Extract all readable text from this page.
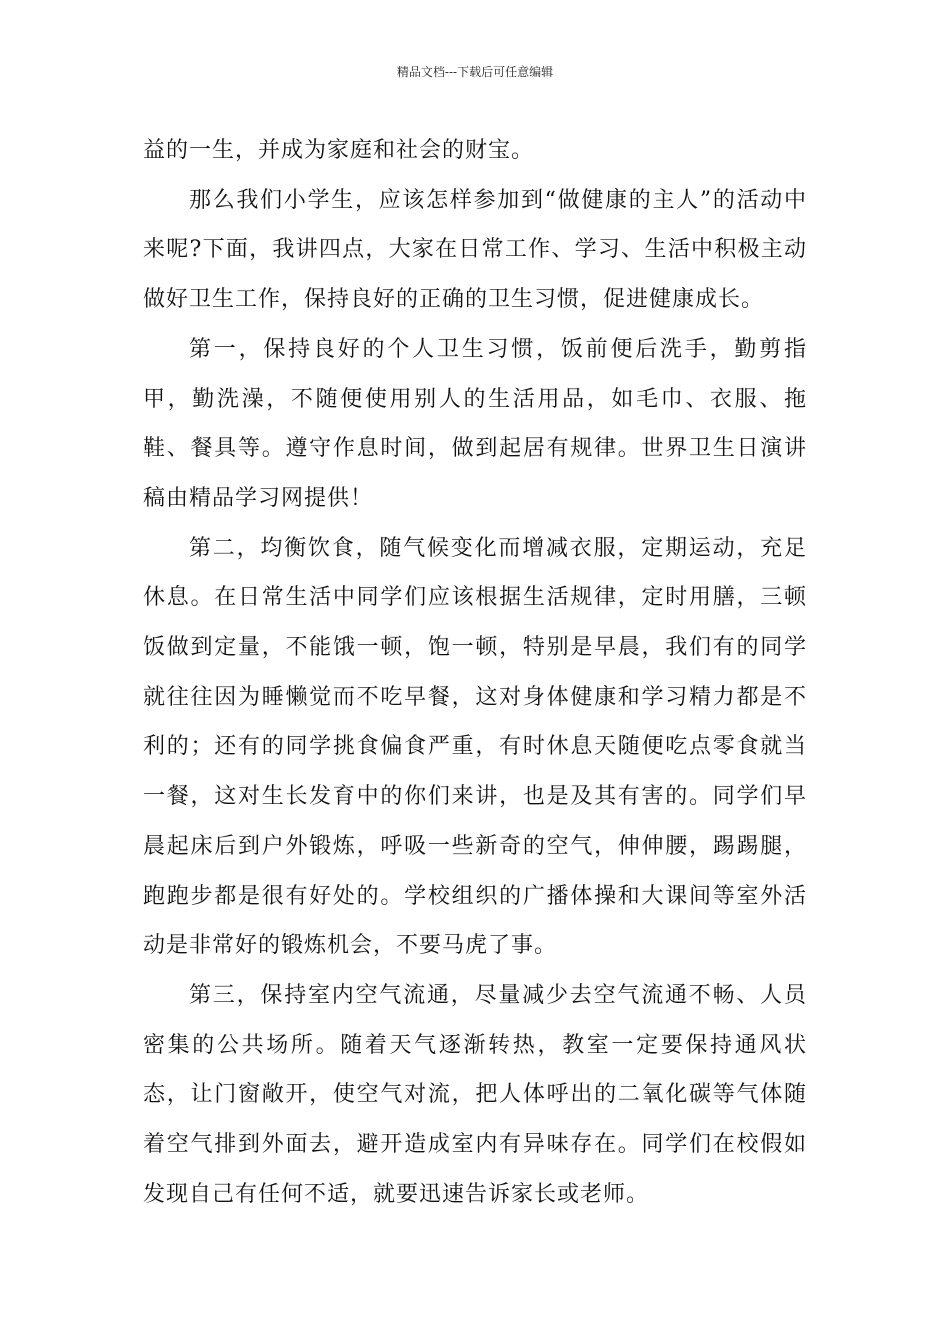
精品文档---下载后可任意编辑

益的一生，并成为家庭和社会的财宝。

那么我们小学生，应该怎样参加到“做健康的主人”的活动中来呢?下面，我讲四点，大家在日常工作、学习、生活中积极主动做好卫生工作，保持良好的正确的卫生习惯，促进健康成长。

第一，保持良好的个人卫生习惯，饭前便后洗手，勤剪指甲，勤洗澡，不随便使用别人的生活用品，如毛巾、衣服、拖鞋、餐具等。遵守作息时间，做到起居有规律。世界卫生日演讲稿由精品学习网提供！

第二，均衡饮食，随气候变化而增减衣服，定期运动，充足休息。在日常生活中同学们应该根据生活规律，定时用膳，三顿饭做到定量，不能饿一顿，饱一顿，特别是早晨，我们有的同学就往往因为睡懒觉而不吃早餐，这对身体健康和学习精力都是不利的；还有的同学挑食偏食严重，有时休息天随便吃点零食就当一餐，这对生长发育中的你们来讲，也是及其有害的。同学们早晨起床后到户外锻炼，呼吸一些新奇的空气，伸伸腰，踢踢腿，跑跑步都是很有好处的。学校组织的广播体操和大课间等室外活动是非常好的锻炼机会，不要马虎了事。

第三，保持室内空气流通，尽量减少去空气流通不畅、人员密集的公共场所。随着天气逐渐转热，教室一定要保持通风状态，让门窗敞开，使空气对流，把人体呼出的二氧化碳等气体随着空气排到外面去，避开造成室内有异味存在。同学们在校假如发现自己有任何不适，就要迅速告诉家长或老师。
